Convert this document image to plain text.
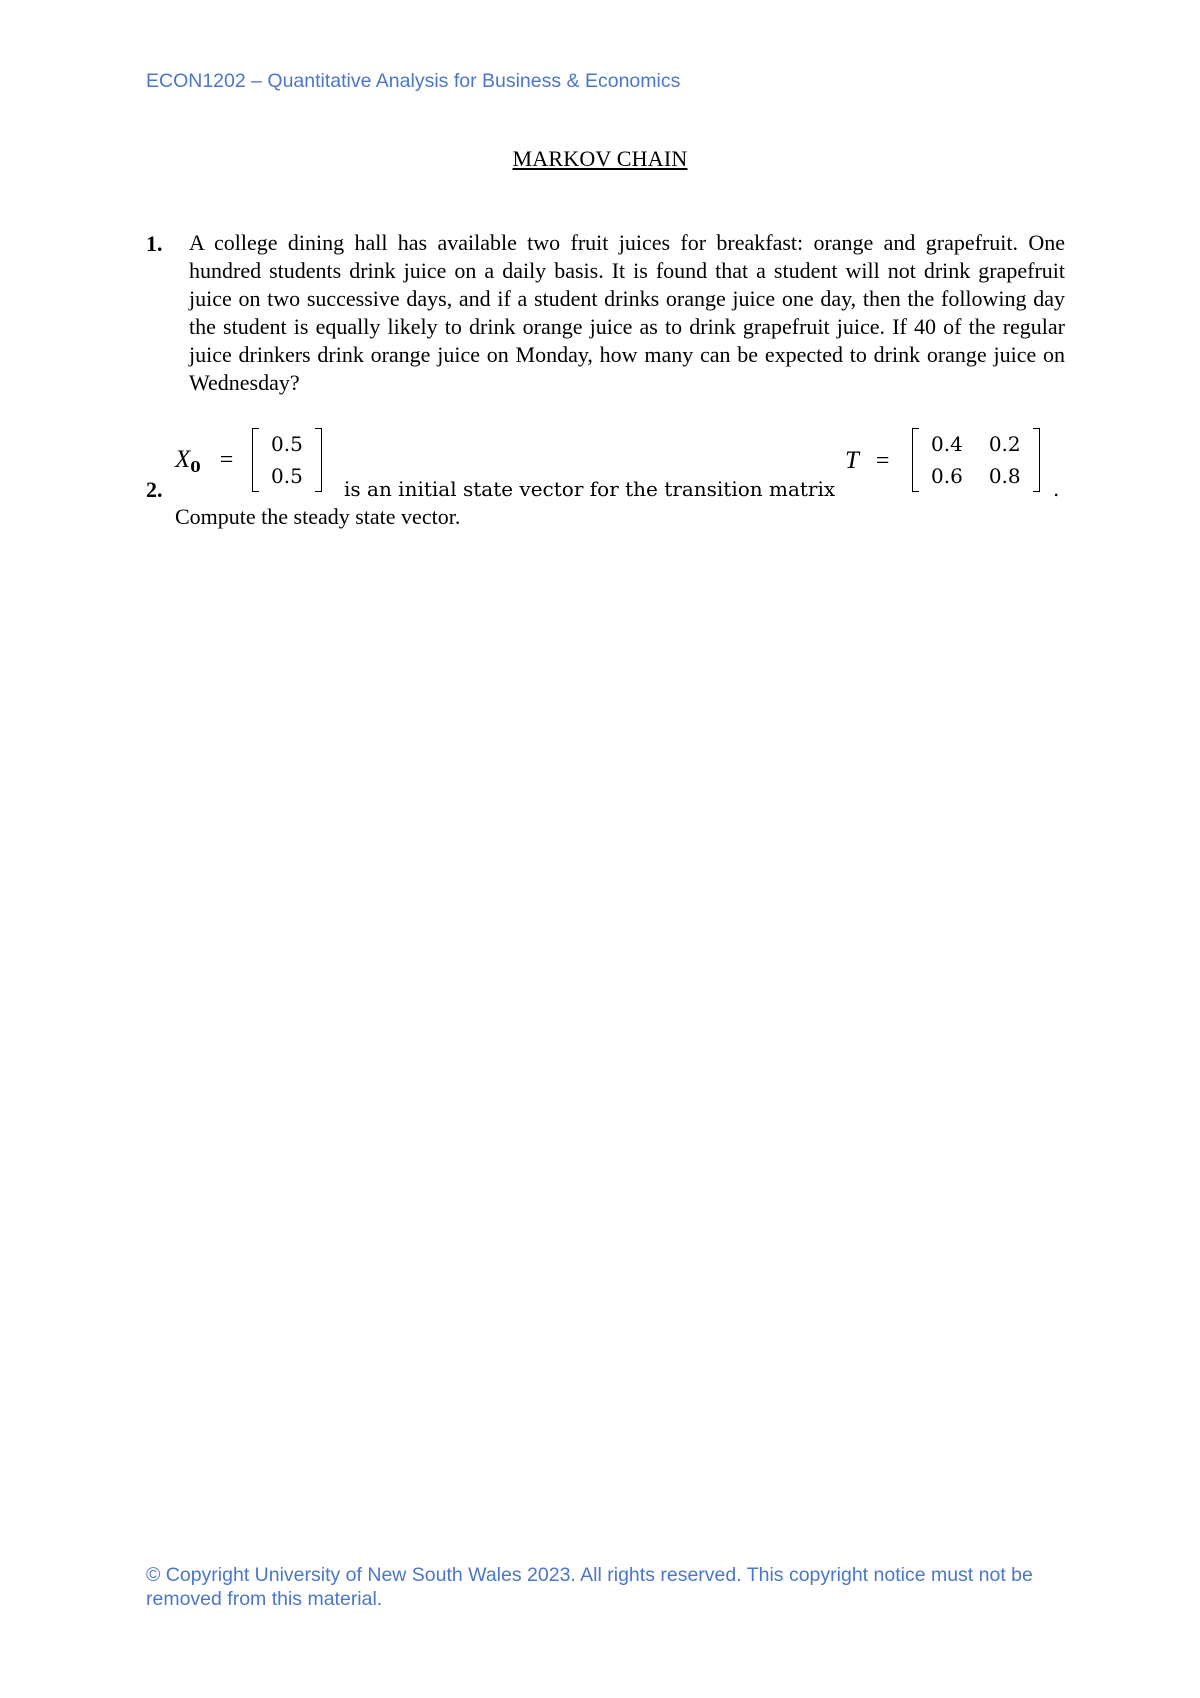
ECON1202 – Quantitative Analysis for Business & Economics
MARKOV CHAIN
1. A college dining hall has available two fruit juices for breakfast: orange and grapefruit. One hundred students drink juice on a daily basis. It is found that a student will not drink grapefruit juice on two successive days, and if a student drinks orange juice one day, then the following day the student is equally likely to drink orange juice as to drink grapefruit juice. If 40 of the regular juice drinkers drink orange juice on Monday, how many can be expected to drink orange juice on Wednesday?
2.
$X_0$ =
0.5
0.5
is an initial state vector for the transition matrix
T =
0.4 0.2
0.6 0.8
.
Compute the steady state vector.
© Copyright University of New South Wales 2023. All rights reserved. This copyright notice must not be removed from this material.
